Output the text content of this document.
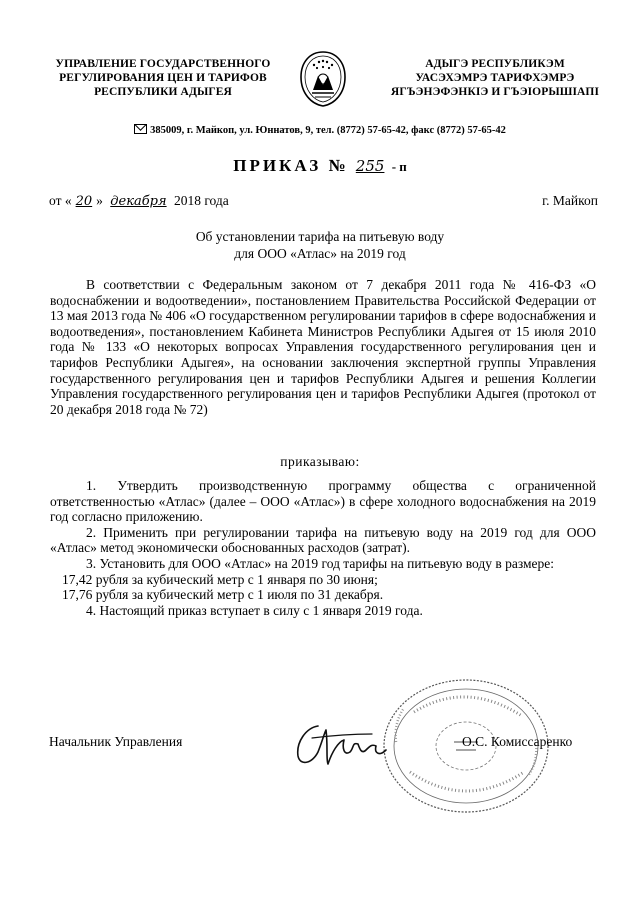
УПРАВЛЕНИЕ ГОСУДАРСТВЕННОГО
РЕГУЛИРОВАНИЯ ЦЕН И ТАРИФОВ
РЕСПУБЛИКИ АДЫГЕЯ
АДЫГЭ РЕСПУБЛИКЭМ
УАСЭХЭМРЭ ТАРИФХЭМРЭ
ЯГЪЭНЭФЭНКIЭ И ГЪЭIОРЫШIAПI
385009, г. Майкоп, ул. Юннатов, 9, тел. (8772) 57-65-42, факс (8772) 57-65-42
ПРИКАЗ № 255 - п
от « 20 » декабря 2018 года	г. Майкоп
Об установлении тарифа на питьевую воду
для ООО «Атлас» на 2019 год

В соответствии с Федеральным законом от 7 декабря 2011 года № 416-ФЗ «О водоснабжении и водоотведении», постановлением Правительства Российской Федерации от 13 мая 2013 года № 406 «О государственном регулировании тарифов в сфере водоснабжения и водоотведения», постановлением Кабинета Министров Республики Адыгея от 15 июля 2010 года № 133 «О некоторых вопросах Управления государственного регулирования цен и тарифов Республики Адыгея», на основании заключения экспертной группы Управления государственного регулирования цен и тарифов Республики Адыгея и решения Коллегии Управления государственного регулирования цен и тарифов Республики Адыгея (протокол от 20 декабря 2018 года № 72)

приказываю:

1. Утвердить производственную программу общества с ограниченной ответственностью «Атлас» (далее – ООО «Атлас») в сфере холодного водоснабжения на 2019 год согласно приложению.

2. Применить при регулировании тарифа на питьевую воду на 2019 год для ООО «Атлас» метод экономически обоснованных расходов (затрат).

3. Установить для ООО «Атлас» на 2019 год тарифы на питьевую воду в размере:

17,42 рубля за кубический метр с 1 января по 30 июня;

17,76 рубля за кубический метр с 1 июля по 31 декабря.

4. Настоящий приказ вступает в силу с 1 января 2019 года.

Начальник Управления	О.С. Комиссаренко
